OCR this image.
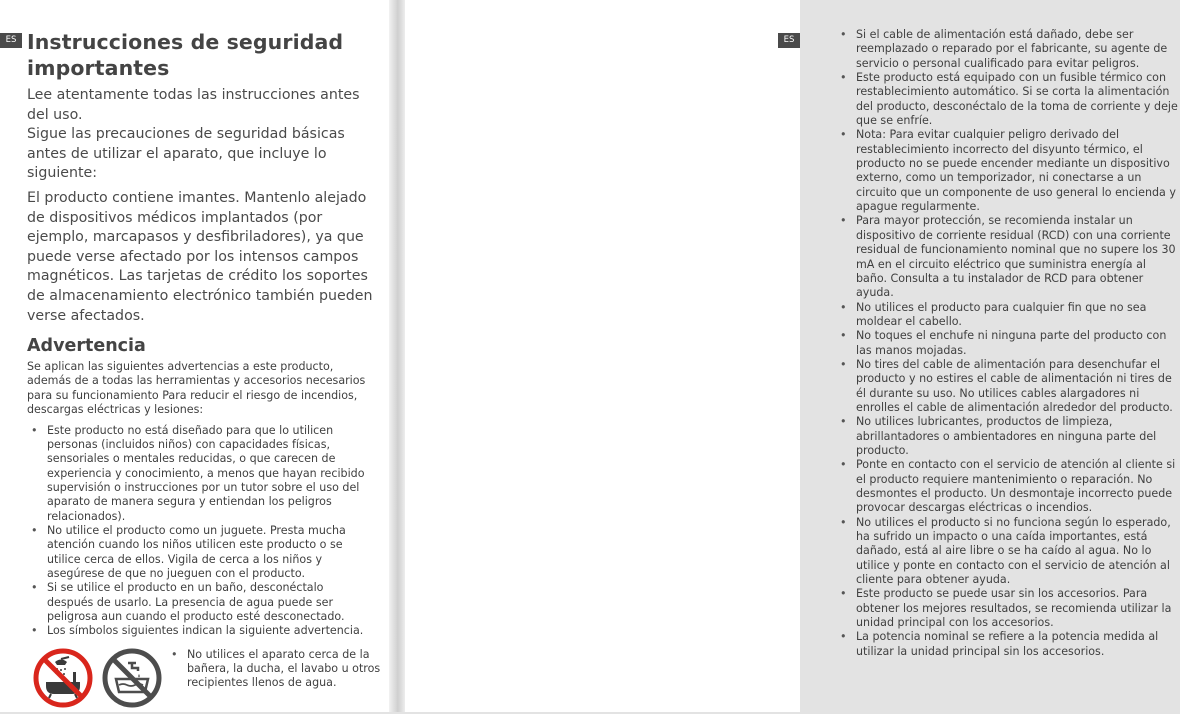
ES Instrucciones de seguridad importantes

Lee atentamente todas las instrucciones antes del uso.

Sigue las precauciones de seguridad básicas antes de utilizar el aparato, que incluye lo siguiente:

El producto contiene imantes. Mantenlo alejado de dispositivos médicos implantados (por ejemplo, marcapasos y desfibriladores), ya que puede verse afectado por los intensos campos magnéticos. Las tarjetas de crédito los soportes de almacenamiento electrónico también pueden verse afectados.

Advertencia

Se aplican las siguientes advertencias a este producto, además de a todas las herramientas y accesorios necesarios para su funcionamiento Para reducir el riesgo de incendios, descargas eléctricas y lesiones:

• Este producto no está diseñado para que lo utilicen personas (incluidos niños) con capacidades físicas, sensoriales o mentales reducidas, o que carecen de experiencia y conocimiento, a menos que hayan recibido supervisión o instrucciones por un tutor sobre el uso del aparato de manera segura y entiendan los peligros relacionados).
• No utilice el producto como un juguete. Presta mucha atención cuando los niños utilicen este producto o se utilice cerca de ellos. Vigila de cerca a los niños y asegúrese de que no jueguen con el producto.
• Si se utilice el producto en un baño, desconéctalo después de usarlo. La presencia de agua puede ser peligrosa aun cuando el producto esté desconectado.
• Los símbolos siguientes indican la siguiente advertencia.
• No utilices el aparato cerca de la bañera, la ducha, el lavabo u otros recipientes llenos de agua.
ES
•	Si el cable de alimentación está dañado, debe ser reemplazado o reparado por el fabricante, su agente de servicio o personal cualificado para evitar peligros.
• Este producto está equipado con un fusible térmico con restablecimiento automático. Si se corta la alimentación del producto, desconéctalo de la toma de corriente y deje que se enfríe.
• Nota: Para evitar cualquier peligro derivado del restablecimiento incorrecto del disyunto térmico, el producto no se puede encender mediante un dispositivo externo, como un temporizador, ni conectarse a un circuito que un componente de uso general lo encienda y apague regularmente.
• Para mayor protección, se recomienda instalar un dispositivo de corriente residual (RCD) con una corriente residual de funcionamiento nominal que no supere los 30 mA en el circuito eléctrico que suministra energía al baño. Consulta a tu instalador de RCD para obtener ayuda.
• No utilices el producto para cualquier fin que no sea moldear el cabello.
• No toques el enchufe ni ninguna parte del producto con las manos mojadas.
• No tires del cable de alimentación para desenchufar el producto y no estires el cable de alimentación ni tires de él durante su uso. No utilices cables alargadores ni enrolles el cable de alimentación alrededor del producto.
• No utilices lubricantes, productos de limpieza, abrillantadores o ambientadores en ninguna parte del producto.
• Ponte en contacto con el servicio de atención al cliente si el producto requiere mantenimiento o reparación. No desmontes el producto. Un desmontaje incorrecto puede provocar descargas eléctricas o incendios.
• No utilices el producto si no funciona según lo esperado, ha sufrido un impacto o una caída importantes, está dañado, está al aire libre o se ha caído al agua. No lo utilice y ponte en contacto con el servicio de atención al cliente para obtener ayuda.
• Este producto se puede usar sin los accesorios. Para obtener los mejores resultados, se recomienda utilizar la unidad principal con los accesorios.
• La potencia nominal se refiere a la potencia medida al utilizar la unidad principal sin los accesorios.
